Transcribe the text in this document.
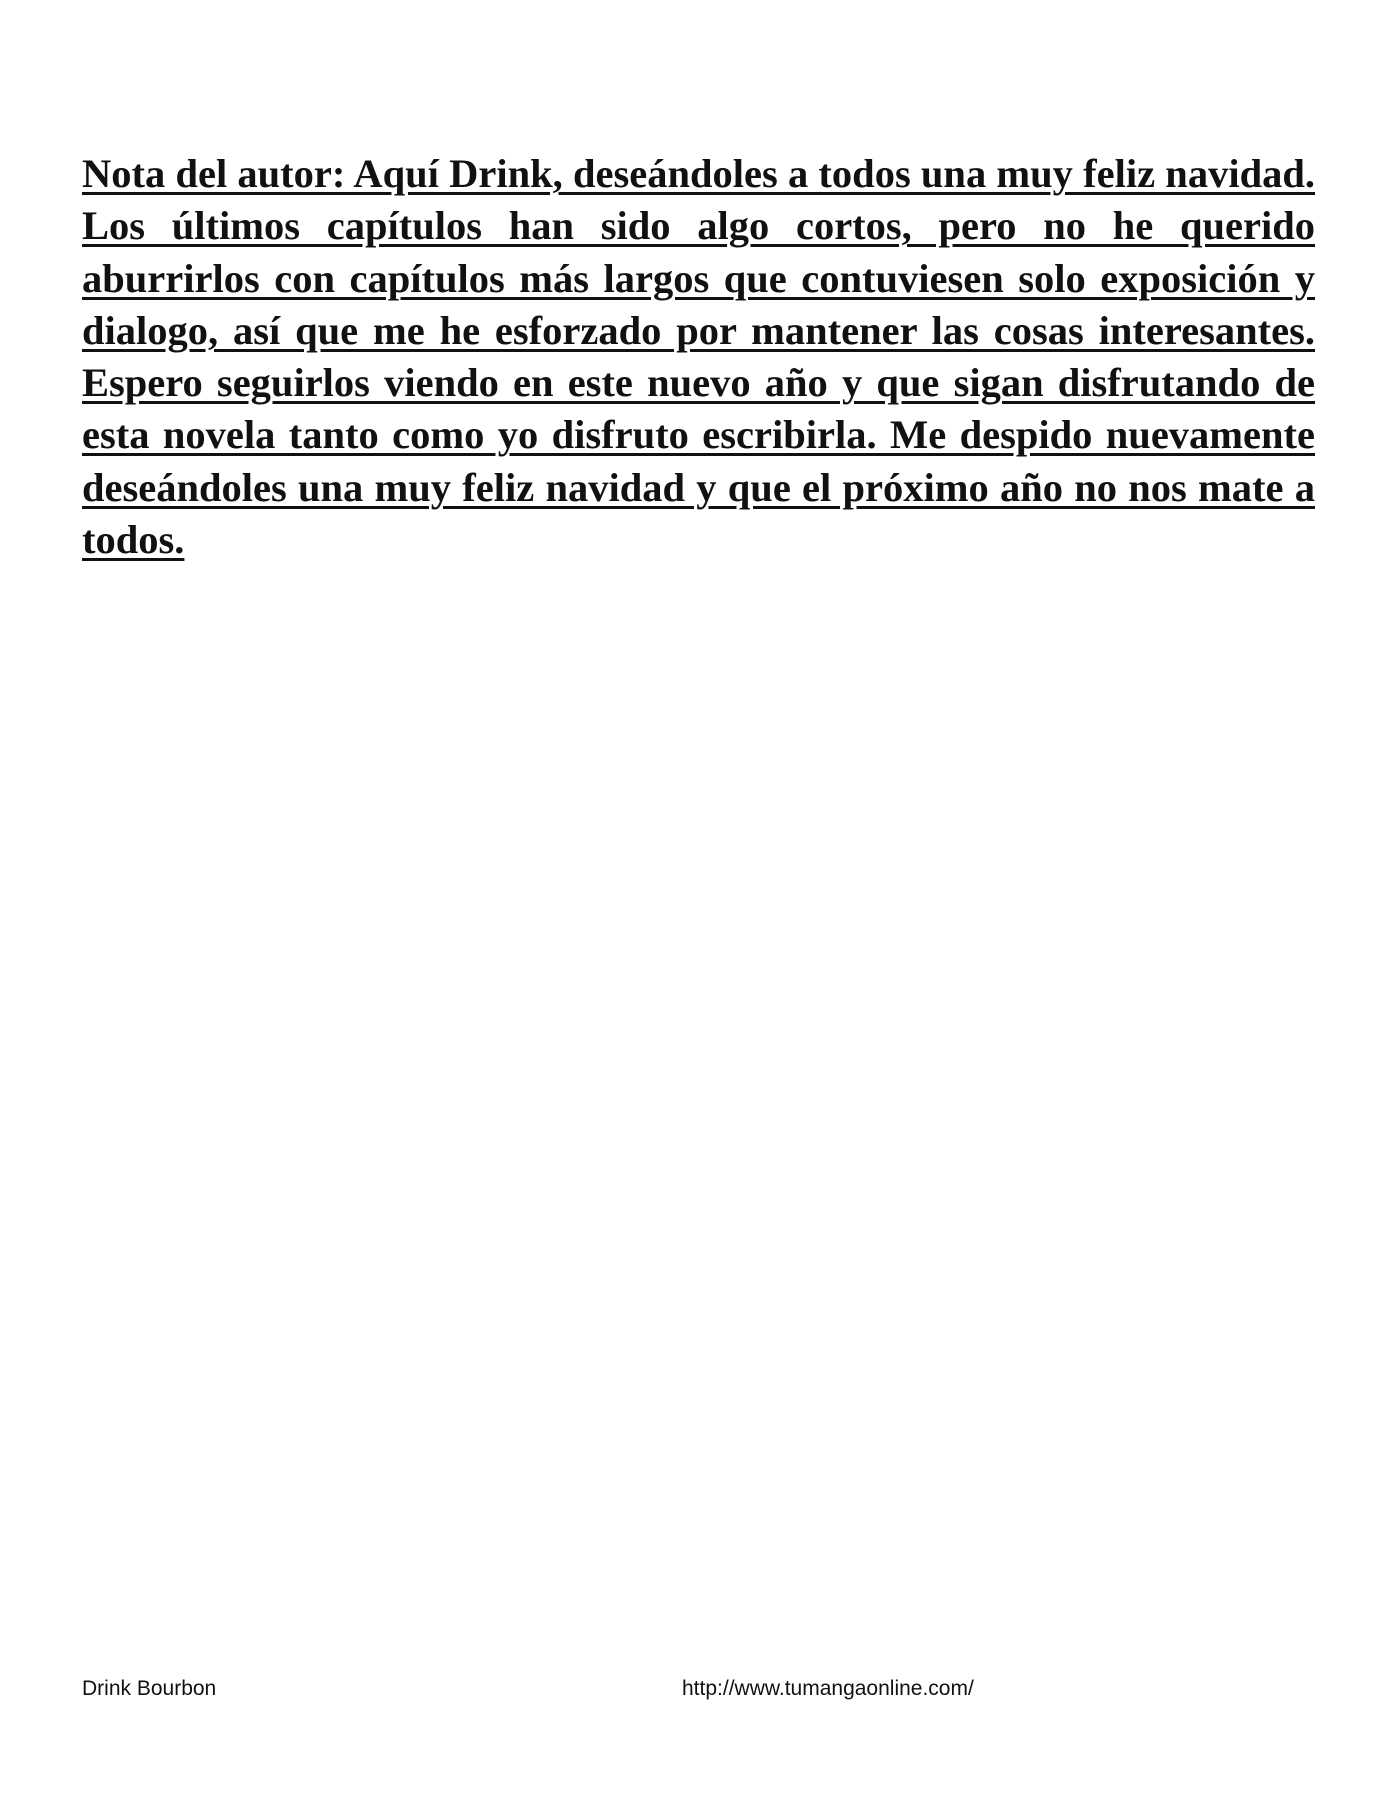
Nota del autor: Aquí Drink, deseándoles a todos una muy feliz navidad. Los últimos capítulos han sido algo cortos, pero no he querido aburrirlos con capítulos más largos que contuviesen solo exposición y dialogo, así que me he esforzado por mantener las cosas interesantes. Espero seguirlos viendo en este nuevo año y que sigan disfrutando de esta novela tanto como yo disfruto escribirla. Me despido nuevamente deseándoles una muy feliz navidad y que el próximo año no nos mate a todos.

Drink Bourbon	http://www.tumangaonline.com/
